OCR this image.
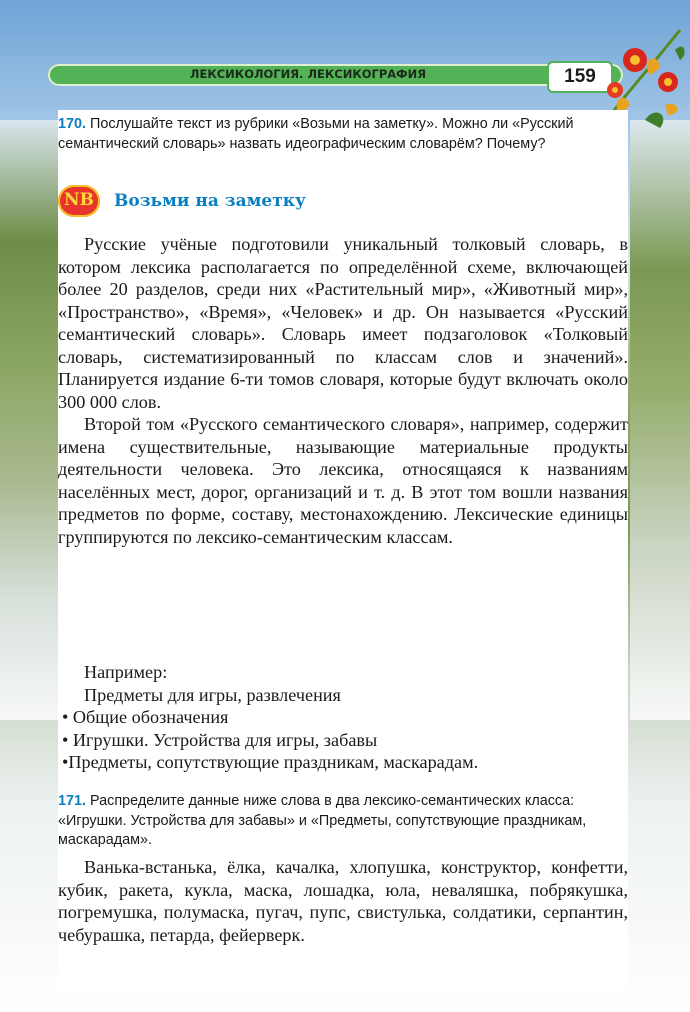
ЛЕКСИКОЛОГИЯ. ЛЕКСИКОГРАФИЯ	159
170. Послушайте текст из рубрики «Возьми на заметку». Можно ли «Русский семантический словарь» назвать идеографическим словарём? Почему?
NB	Возьми на заметку

Русские учёные подготовили уникальный толковый словарь, в котором лексика располагается по определённой схеме, включающей более 20 разделов, среди них «Растительный мир», «Животный мир», «Пространство», «Время», «Человек» и др. Он называется «Русский семантический словарь». Словарь имеет подзаголовок «Толковый словарь, систематизированный по классам слов и значений». Планируется издание 6-ти томов словаря, которые будут включать около 300 000 слов.

Второй том «Русского семантического словаря», например, содержит имена существительные, называющие материальные продукты деятельности человека. Это лексика, относящаяся к названиям населённых мест, дорог, организаций и т. д. В этот том вошли названия предметов по форме, составу, местонахождению. Лексические единицы группируются по лексико-семантическим классам.

Например:
Предметы для игры, развлечения
• Общие обозначения
• Игрушки. Устройства для игры, забавы
•Предметы, сопутствующие праздникам, маскарадам.
171. Распределите данные ниже слова в два лексико-семантических класса: «Игрушки. Устройства для забавы» и «Предметы, сопутствующие праздникам, маскарадам».

Ванька-встанька, ёлка, качалка, хлопушка, конструктор, конфетти, кубик, ракета, кукла, маска, лошадка, юла, неваляшка, побрякушка, погремушка, полумаска, пугач, пупс, свистулька, солдатики, серпантин, чебурашка, петарда, фейерверк.
